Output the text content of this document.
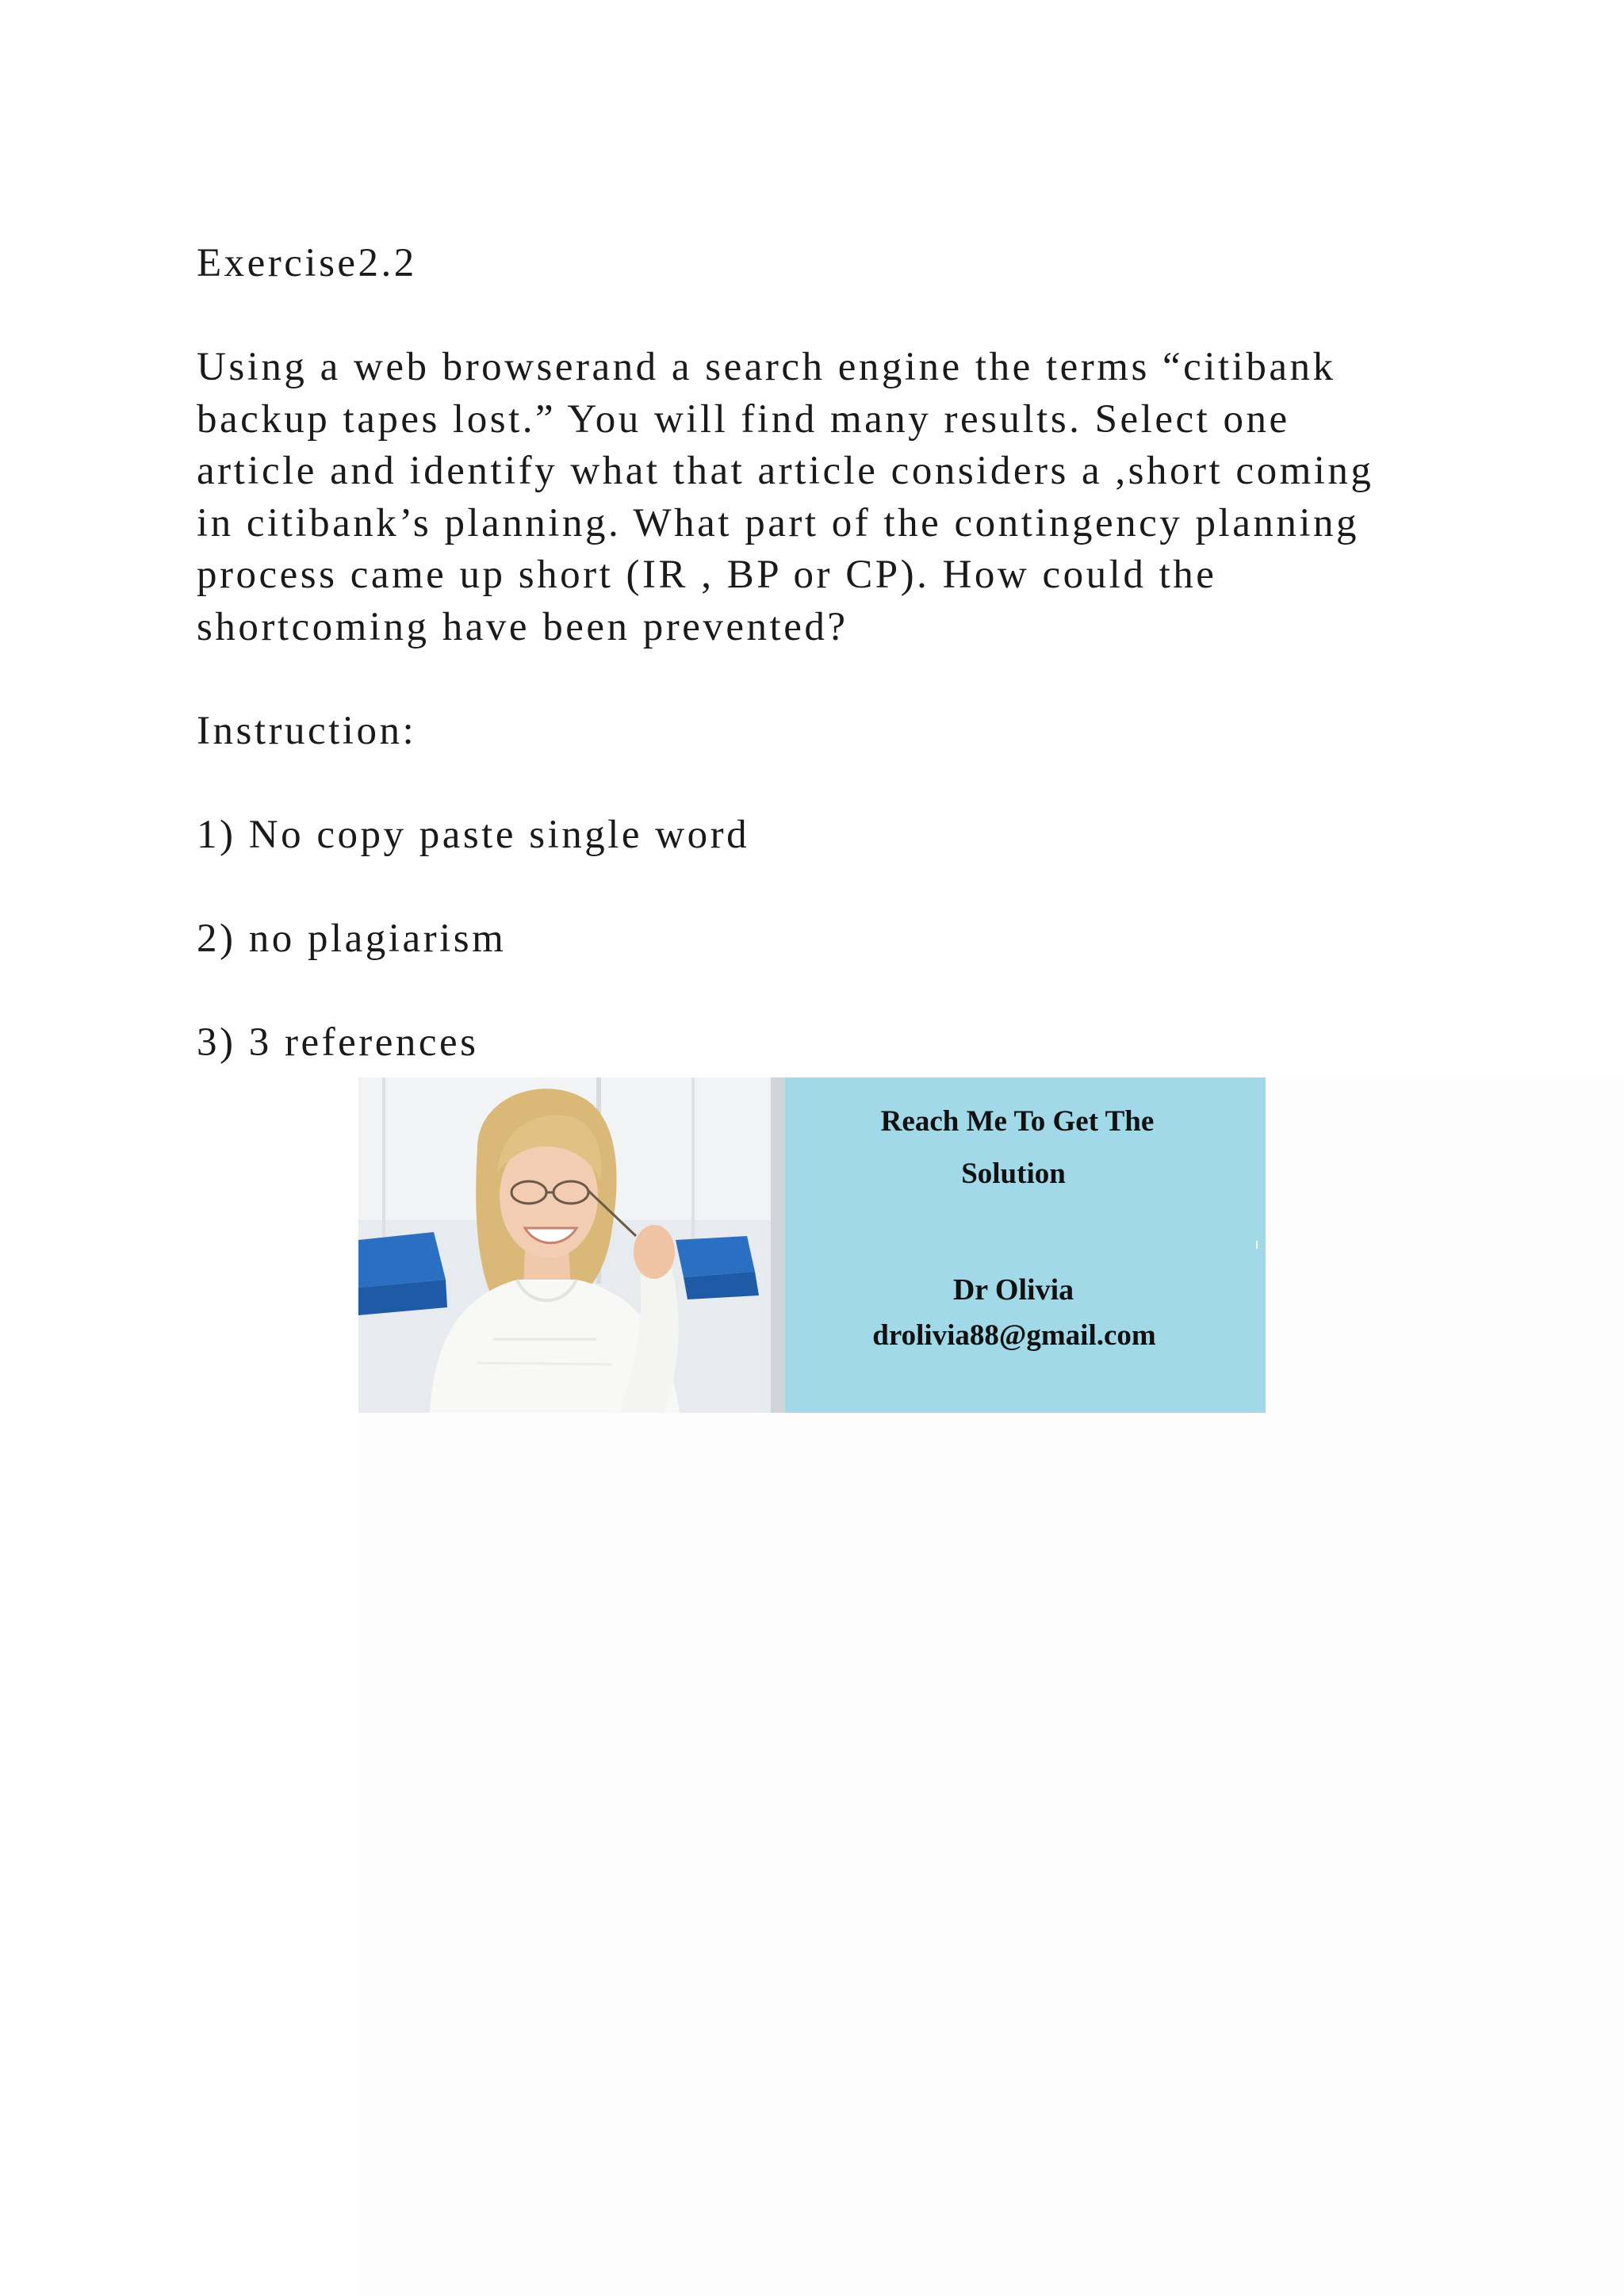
Exercise2.2

Using a web browserand a search engine the terms “citibank
backup tapes lost.” You will find many results. Select one
article and identify what that article considers a ,short coming
in citibank’s planning. What part of the contingency planning
process came up short (IR , BP or CP). How could the
shortcoming have been prevented?

Instruction:

1) No copy paste single word

2) no plagiarism

3) 3 references

Reach Me To Get The
Solution
Dr Olivia
drolivia88@gmail.com
